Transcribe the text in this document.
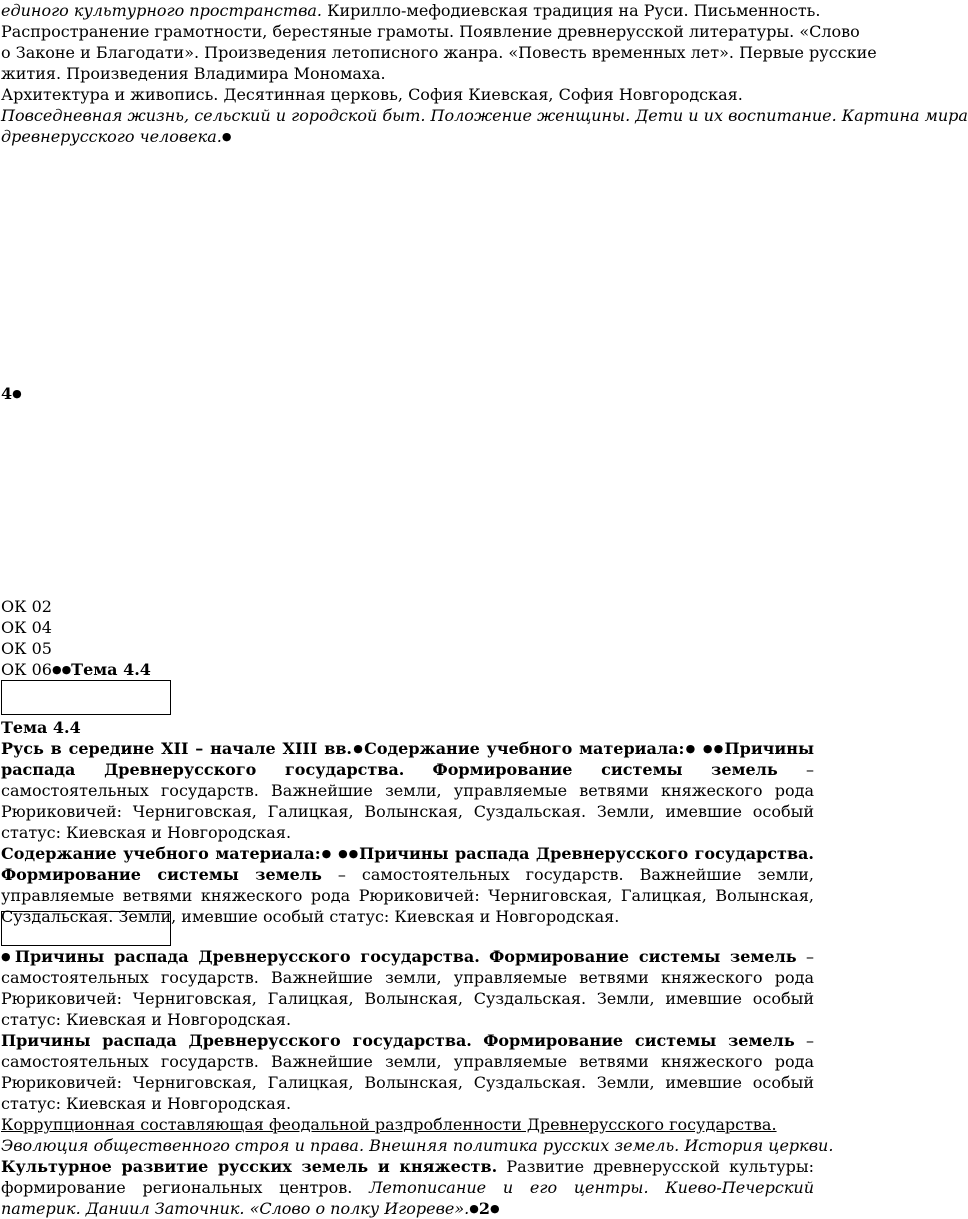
единого культурного пространства. Кирилло-мефодиевская традиция на Руси. Письменность.
Распространение грамотности, берестяные грамоты. Появление древнерусской литературы. «Слово
о Законе и Благодати». Произведения летописного жанра. «Повесть временных лет». Первые русские
жития. Произведения Владимира Мономаха.
Архитектура и живопись. Десятинная церковь, София Киевская, София Новгородская.
Повседневная жизнь, сельский и городской быт. Положение женщины. Дети и их воспитание. Картина мира
древнерусского человека.●
4●
ОК 02
ОК 04
ОК 05
ОК 06●●Тема 4.4
Тема 4.4
Русь в середине XII – начале XIII вв.●Содержание учебного материала:● ●●Причины распада Древнерусского государства. Формирование системы земель – самостоятельных государств. Важнейшие земли, управляемые ветвями княжеского рода Рюриковичей: Черниговская, Галицкая, Волынская, Суздальская. Земли, имевшие особый статус: Киевская и Новгородская.
Содержание учебного материала:● ●●Причины распада Древнерусского государства. Формирование системы земель – самостоятельных государств. Важнейшие земли, управляемые ветвями княжеского рода Рюриковичей: Черниговская, Галицкая, Волынская, Суздальская. Земли, имевшие особый статус: Киевская и Новгородская.
●Причины распада Древнерусского государства. Формирование системы земель – самостоятельных государств. Важнейшие земли, управляемые ветвями княжеского рода Рюриковичей: Черниговская, Галицкая, Волынская, Суздальская. Земли, имевшие особый статус: Киевская и Новгородская.
Причины распада Древнерусского государства. Формирование системы земель – самостоятельных государств. Важнейшие земли, управляемые ветвями княжеского рода Рюриковичей: Черниговская, Галицкая, Волынская, Суздальская. Земли, имевшие особый статус: Киевская и Новгородская.
Коррупционная составляющая феодальной раздробленности Древнерусского государства.
Эволюция общественного строя и права. Внешняя политика русских земель. История церкви.
Культурное развитие русских земель и княжеств. Развитие древнерусской культуры: формирование региональных центров. Летописание и его центры. Киево-Печерский патерик. Даниил Заточник. «Слово о полку Игореве».●2●
